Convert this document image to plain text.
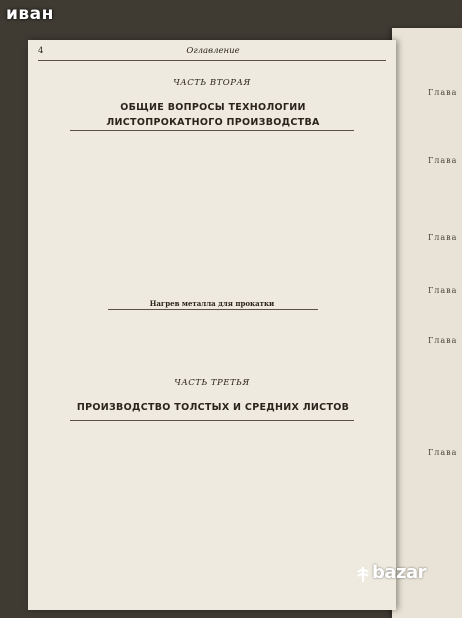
иван
Глава
Глава
Глава
Глава
Глава
Глава
4	Оглавление
ЧАСТЬ ВТОРАЯ
ОБЩИЕ ВОПРОСЫ ТЕХНОЛОГИИ ЛИСТОПРОКАТНОГО ПРОИЗВОДСТВА
Нагрев металла для прокатки
ЧАСТЬ ТРЕТЬЯ
ПРОИЗВОДСТВО ТОЛСТЫХ И СРЕДНИХ ЛИСТОВ
bazar
